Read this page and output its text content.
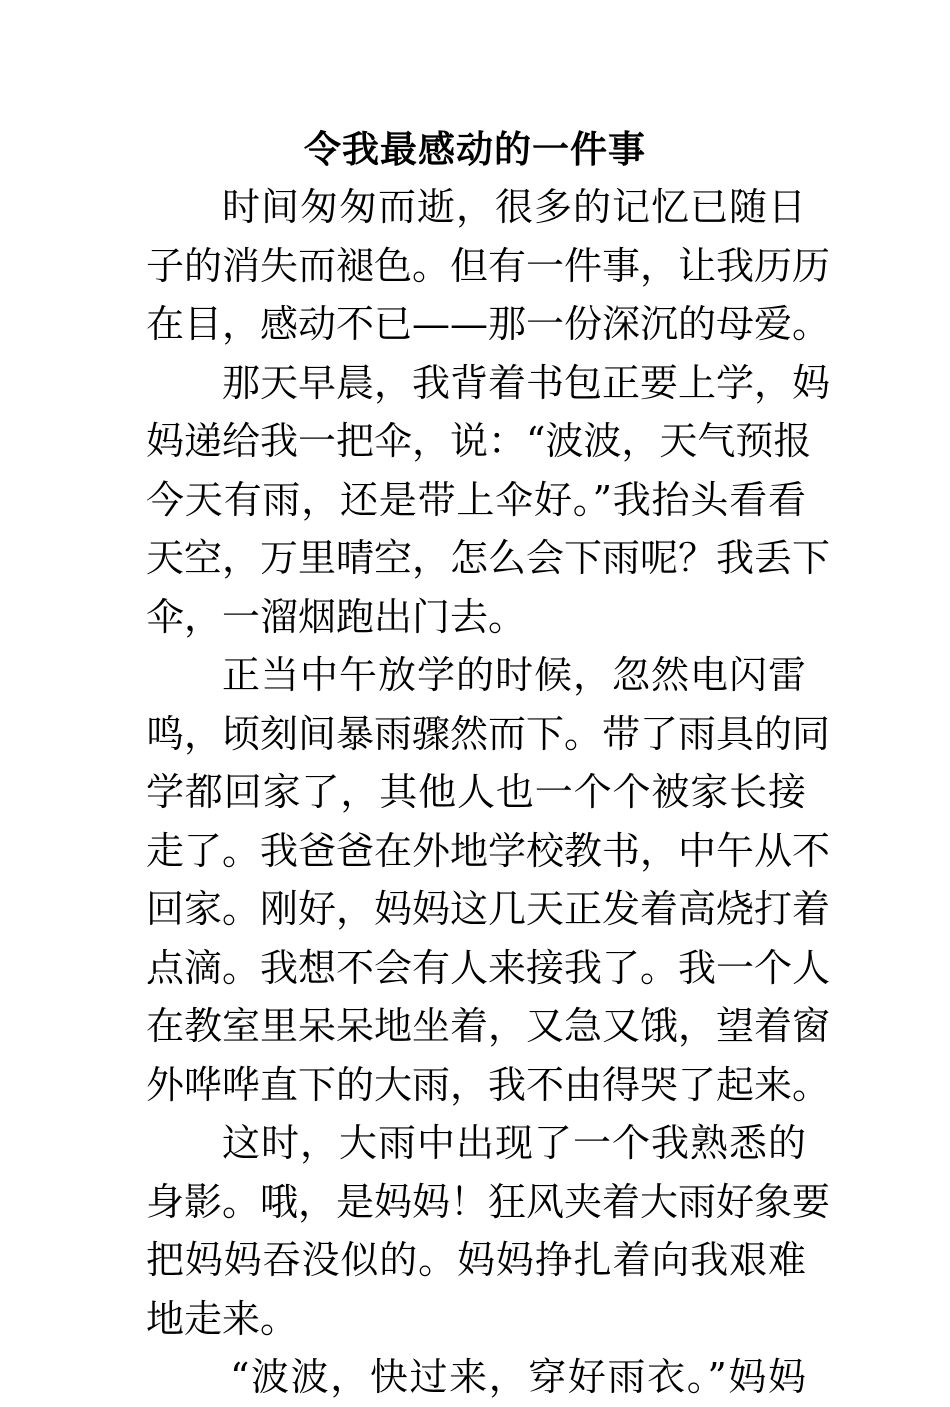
令我最感动的一件事
时间匆匆而逝，很多的记忆已随日
子的消失而褪色。但有一件事，让我历历
在目，感动不已——那一份深沉的母爱。
那天早晨，我背着书包正要上学，妈
妈递给我一把伞，说：“波波，天气预报
今天有雨，还是带上伞好。”我抬头看看
天空，万里晴空，怎么会下雨呢？我丢下
伞，一溜烟跑出门去。
正当中午放学的时候，忽然电闪雷
鸣，顷刻间暴雨骤然而下。带了雨具的同
学都回家了，其他人也一个个被家长接
走了。我爸爸在外地学校教书，中午从不
回家。刚好，妈妈这几天正发着高烧打着
点滴。我想不会有人来接我了。我一个人
在教室里呆呆地坐着，又急又饿，望着窗
外哗哗直下的大雨，我不由得哭了起来。
这时，大雨中出现了一个我熟悉的
身影。哦，是妈妈！狂风夹着大雨好象要
把妈妈吞没似的。妈妈挣扎着向我艰难
地走来。
“波波，快过来，穿好雨衣。”妈妈
